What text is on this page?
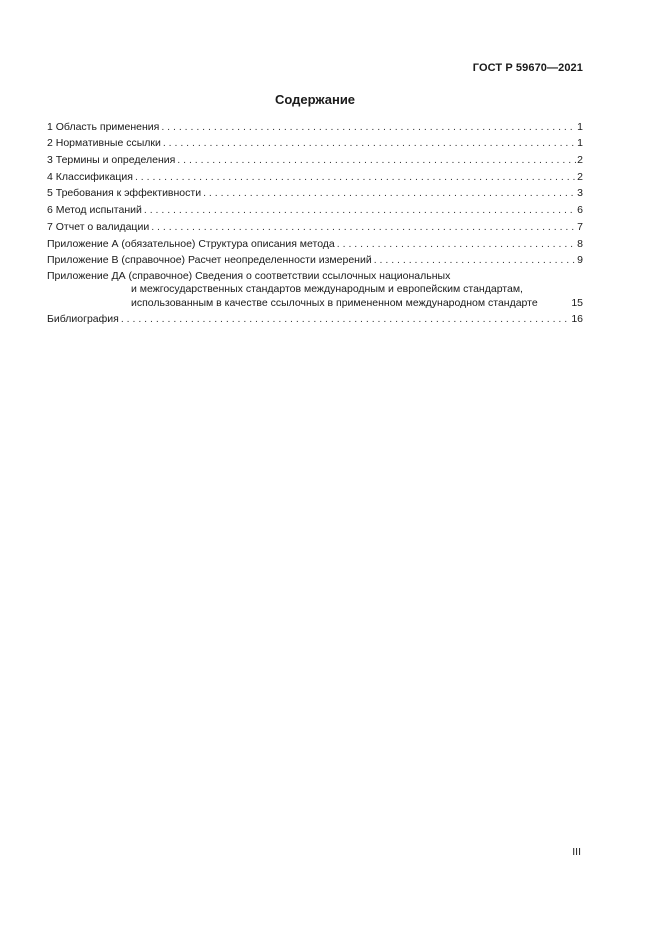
ГОСТ Р 59670—2021
Содержание
1 Область применения . . .	1
2 Нормативные ссылки . . .	1
3 Термины и определения . . .	2
4 Классификация . . .	2
5 Требования к эффективности . . .	3
6 Метод испытаний . . .	6
7 Отчет о валидации . . .	7
Приложение А (обязательное) Структура описания метода . . .	8
Приложение В (справочное) Расчет неопределенности измерений . . .	9
Приложение ДА (справочное) Сведения о соответствии ссылочных национальных
и межгосударственных стандартов международным и европейским стандартам,
использованным в качестве ссылочных в примененном международном стандарте	15
Библиография . . .	16
III
